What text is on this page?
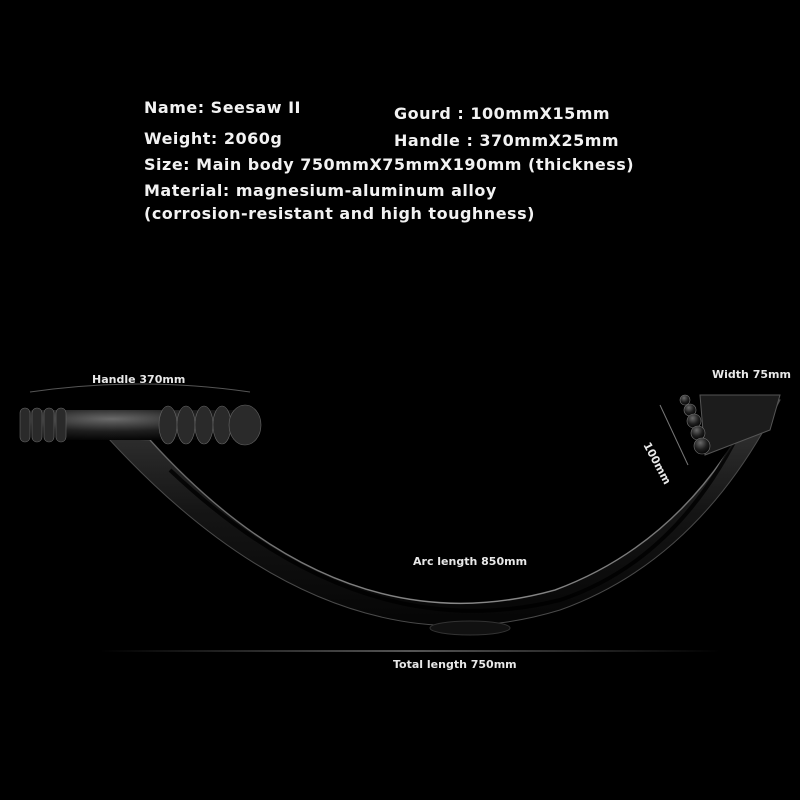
Name: Seesaw II	Gourd : 100mmX15mm
Weight: 2060g	Handle : 370mmX25mm
Size: Main body 750mmX75mmX190mm (thickness)
Material: magnesium-aluminum alloy
(corrosion-resistant and high toughness)
Handle 370mm	Width 75mm
100mm
Arc length 850mm
Total length 750mm
